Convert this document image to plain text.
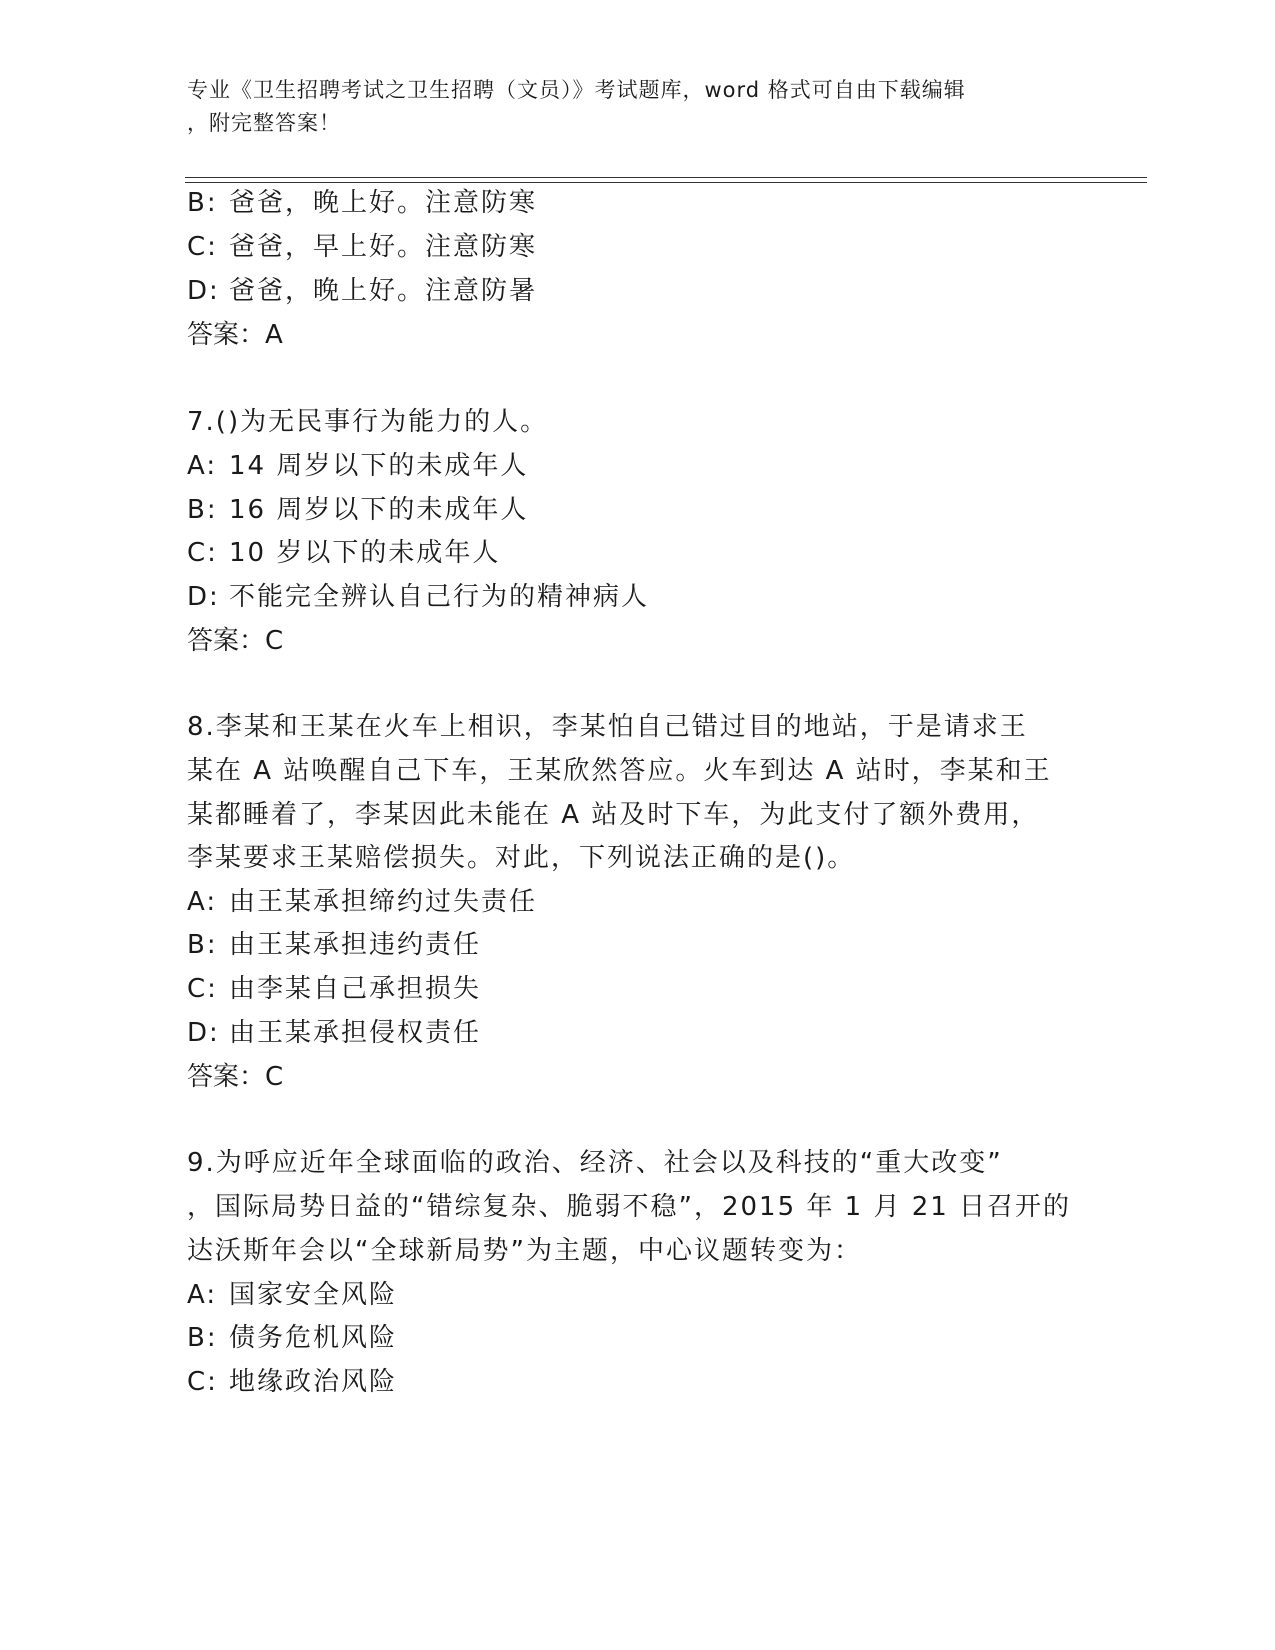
专业《卫生招聘考试之卫生招聘（文员）》考试题库，word 格式可自由下载编辑
，附完整答案！
B: 爸爸，晚上好。注意防寒
C: 爸爸，早上好。注意防寒
D: 爸爸，晚上好。注意防暑
答案：A
7.()为无民事行为能力的人。
A: 14 周岁以下的未成年人
B: 16 周岁以下的未成年人
C: 10 岁以下的未成年人
D: 不能完全辨认自己行为的精神病人
答案：C
8.李某和王某在火车上相识，李某怕自己错过目的地站，于是请求王
某在 A 站唤醒自己下车，王某欣然答应。火车到达 A 站时，李某和王
某都睡着了，李某因此未能在 A 站及时下车，为此支付了额外费用，
李某要求王某赔偿损失。对此，下列说法正确的是()。
A: 由王某承担缔约过失责任
B: 由王某承担违约责任
C: 由李某自己承担损失
D: 由王某承担侵权责任
答案：C
9.为呼应近年全球面临的政治、经济、社会以及科技的“重大改变”
，国际局势日益的“错综复杂、脆弱不稳”，2015 年 1 月 21 日召开的
达沃斯年会以“全球新局势”为主题，中心议题转变为：
A: 国家安全风险
B: 债务危机风险
C: 地缘政治风险
